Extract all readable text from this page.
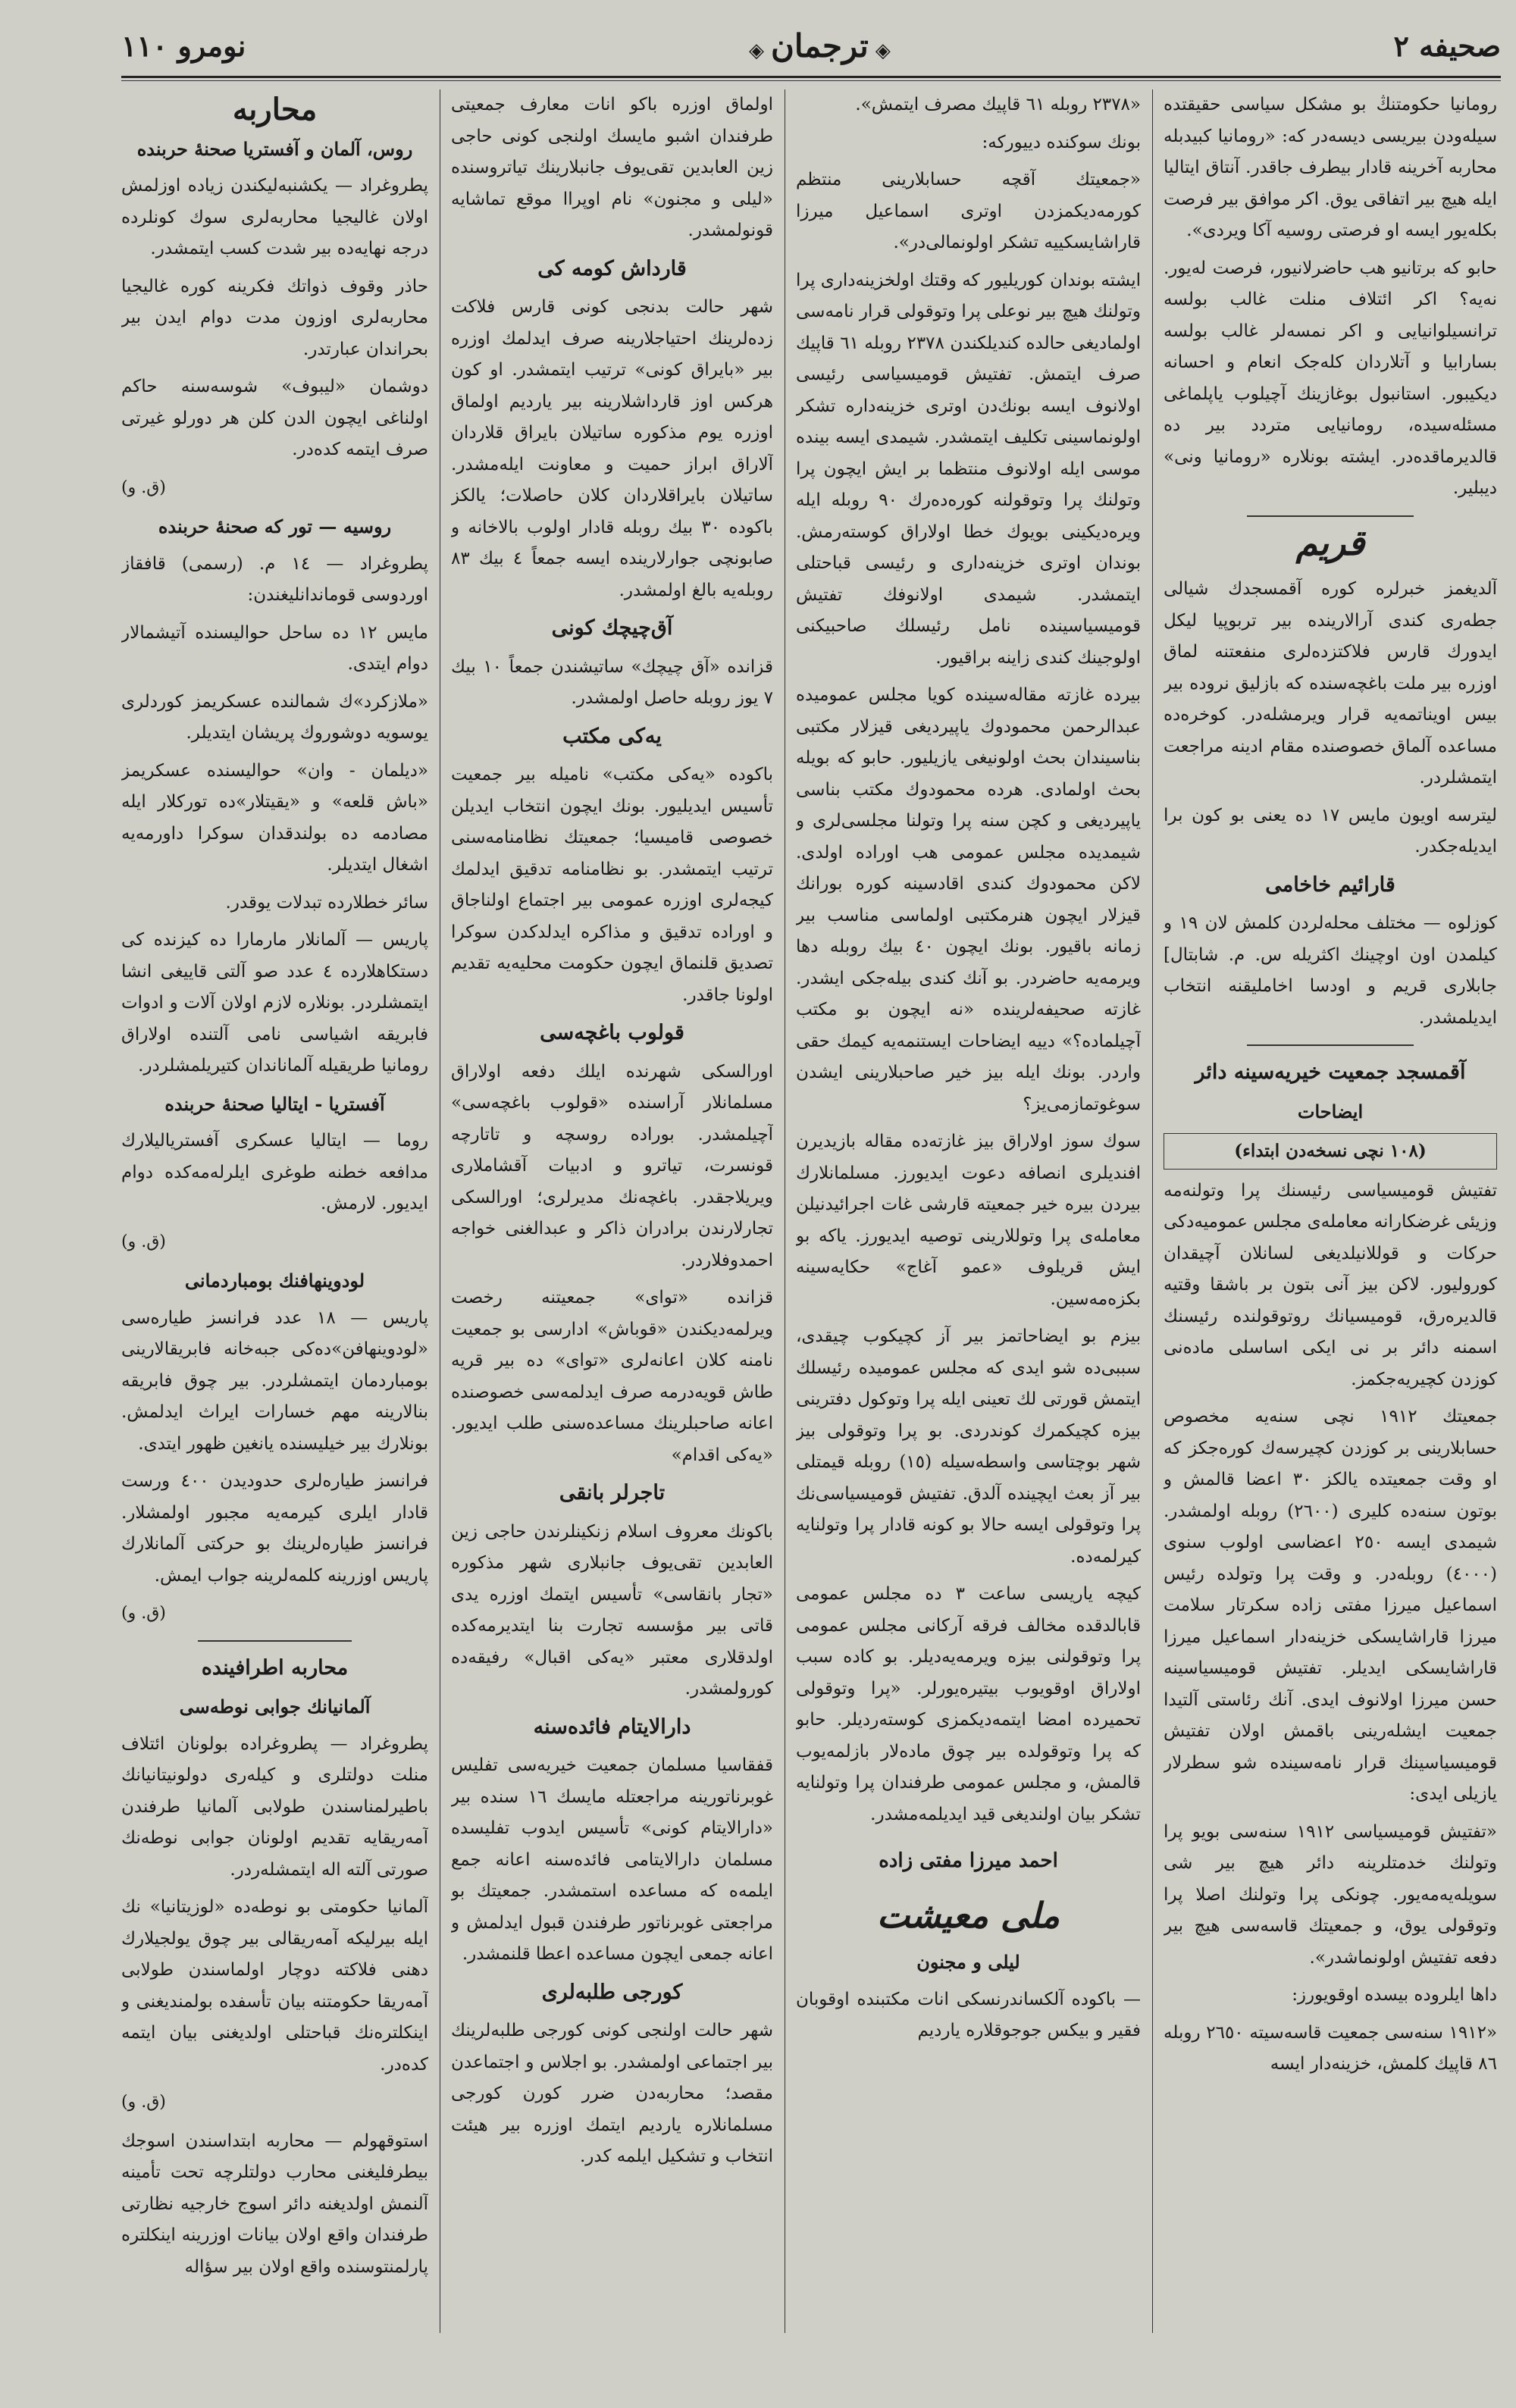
صحيفه ٢
◈ ترجمان ◈
نومرو ١١٠

رومانیا حکومتنڭ بو مشکل سیاسی حقیقتده سیله‌ودن بیریسی دیسه‌در که: «رومانیا کبیدبله محاربه آخرینه قادار بیطرف جاقدر. آنتاق ایتالیا ایله هیچ بیر اتفاقی یوق. اکر موافق بیر فرصت بکله‌یور ایسه او فرصتی روسیه آکا ویردی».

حابو که برتانیو هب حاضرلانیور، فرصت له‌یور. نه‌یه؟ اکر ائتلاف منلت غالب بولسه ترانسیلوانیایی و اکر نمسه‌لر غالب بولسه بسارابیا و آتلاردان کله‌جک انعام و احسانه دیکیبور. استانبول بوغازینك آچیلوب یاپلماغی مسئله‌سیده، رومانیایی متردد بیر ده قالدیرماقده‌در. ایشته بونلاره «رومانیا ونی» دیبلیر.

قریم

آلدیغمز خبرلره کوره آقمسجدك شیالی جطه‌ری کندی آرالارینده بیر تربوپیا لیکل ایدورك قارس فلاکتزده‌لری منفعتنه لماق اوزره بیر ملت باغچه‌سنده که بازلیق نروده بیر بیس اویناتمه‌یه قرار ویرمشله‌در. ‏کوخره‌ده مساعده آلماق خصوصنده مقام ادینه مراجعت ایتمشلردر.

لیترسه اویون مایس ١٧ ده یعنی بو کون برا ایدیله‌جکدر.

قارائیم خاخامی

کوزلوه — مختلف محله‌لردن کلمش لان ١٩ و کیلمدن اون اوچینك اکثریله س. م. شابتال] جابلاری قریم و اودسا اخاملیقنه انتخاب ایدیلمشدر.

آقمسجد جمعیت خیریه‌سینه دائر
ایضاحات
(١٠٨ نچی نسخه‌دن ابتداء)

تفتیش قومیسیاسی رئیسنك پرا وتولنه‌مه وزیئی غرضکارانه معامله‌ی مجلس عمومیه‌دکی حرکات و قوللانیلدیغی لسانلان آچیقدان کورولیور. لاکن بیز آنی بتون بر باشقا وقتیه قالدیره‌رق، قومیسیانك روتوقولنده رئیسنك اسمنه دائر بر نی ایکی اساسلی ماده‌نی کوزدن کچیریه‌جکمز.

جمعیتك ١٩١٢ نچی سنه‌یه مخصوص حسابلارینی بر کوزدن کچیرسه‌ك کوره‌جکز که او وقت جمعیتده یالکز ٣٠ اعضا قالمش و بوتون سنه‌ده کلیری (٢٦٠٠) روبله اولمشدر. شیمدی ایسه ٢٥٠ اعضاسی اولوب سنوی (٤٠٠٠) روبله‌در. و وقت پرا وتولده رئیس اسماعیل میرزا مفتی زاده سکرتار سلامت میرزا قاراشایسکی خزینه‌دار اسماعیل میرزا قاراشایسکی ایدیلر. تفتیش قومیسیاسینه حسن میرزا اولانوف ایدی. آنك رئاستی آلتیدا جمعیت ایشله‌رینی باقمش اولان تفتیش قومیسیاسینك قرار نامه‌سینده شو سطرلار یازیلی ایدی:

«تفتیش قومیسیاسی ١٩١٢ سنه‌سی بویو پرا وتولنك خدمتلرینه دائر هیچ بیر شی سویله‌یه‌مه‌یور. چونکی پرا وتولنك اصلا پرا وتوقولی یوق، و جمعیتك قاسه‌سی هیچ بیر دفعه تفتیش اولونماشدر».

داها ایلروده بیسده اوقویورز:

«١٩١٢ سنه‌سی جمعیت قاسه‌سیته ٢٦٥٠ روبله ٨٦ قاپیك کلمش، خزینه‌دار ایسه

«٢٣٧٨ روبله ٦١ قاپیك مصرف ایتمش».

بونك سوکنده دییورکه:

«جمعیتك آقچه حسابلارینی منتظم کورمه‌دیکمزدن اوتری اسماعیل میرزا قاراشایسکییه تشکر اولونمالی‌در».

ایشته بوندان کوریلیور که وقتك اولخزینه‌داری پرا وتولنك هیچ بیر نوعلی پرا وتوقولی قرار نامه‌سی اولمادیغی حالده کندیلکندن ٢٣٧٨ روبله ٦١ قاپیك صرف ایتمش. تفتیش قومیسیاسی رئیسی اولانوف ایسه بونك‌دن اوتری خزینه‌داره تشکر اولونماسینی تکلیف ایتمشدر. شیمدی ایسه بینده موسی ایله اولانوف منتظما بر ایش ایچون پرا وتولنك پرا وتوقولنه کوره‌ده‌رك ٩٠ روبله ایله ویره‌دیکینی بویوك خطا اولاراق کوسته‌رمش. بوندان اوتری خزینه‌داری و رئیسی قباحتلی ایتمشدر. شیمدی اولانوفك تفتیش قومیسیاسینده نامل رئیسلك صاحبیکنی اولوجینك کندی زاینه براقیور.

بیرده غازته مقاله‌سینده کویا مجلس عمومیده عبدالرحمن محمودوك یاپیردیغی قیزلار مکتبی بناسیندان بحث اولونیغی یازیلیور. حابو که بویله بحث اولمادی. هرده محمودوك مکتب بناسی یاپیردیغی و کچن سنه پرا وتولنا مجلسی‌لری و شیمدیده مجلس عمومی هب اوراده اولدی. لاکن محمودوك کندی اقادسینه کوره بورانك قیزلار ایچون هنرمکتبی اولماسی مناسب بیر زمانه باقیور. بونك ایچون ٤٠ بیك روبله دها ویرمه‌یه حاضردر. بو آنك کندی بیله‌جکی ایشدر. غازته صحیفه‌لرینده «نه ایچون بو مکتب آچیلماده؟» دییه ایضاحات ایستنمه‌یه کیمك حقی واردر. بونك ایله بیز خیر صاحبلارینی ایشدن سوغوتمازمی‌یز؟

سوك سوز اولاراق بیز غازته‌ده مقاله بازیدیرن افندیلری انصافه دعوت ایدیورز. مسلمانلارك بیردن بیره خیر جمعیته قارشی غات اجرائیدنیلن معامله‌ی پرا وتوللارینی توصیه ایدیورز. یاکه بو ایش قریلوف «عمو آغاج» حکایه‌سینه بکزه‌مه‌سین.

بیزم بو ایضاحاتمز بیر آز کچیکوب چیقدی، سببی‌ده شو ایدی که مجلس عمومیده رئیسلك ایتمش قورتی لك تعینی ایله پرا وتوکول دفترینی بیزه کچیکمرك کوندردی. بو پرا وتوقولی بیز شهر بوچتاسی واسطه‌سیله (١٥) روبله قیمتلی بیر آز بعث ایچینده آلدق. تفتیش قومیسیاسی‌نك پرا وتوقولی ایسه حالا بو کونه قادار پرا وتولنا‌یه کیرلمه‌ده.

کیچه یاریسی ساعت ٣ ده مجلس عمومی قابالدقده مخالف فرقه آرکانی مجلس عمومی پرا وتوقولنی بیزه ویرمه‌یه‌دیلر. بو کاده سبب اولاراق اوقویوب بیتیر‌ه‌یورلر. «پرا وتوقولی تحمیرده امضا ایتمه‌دیکمزی کوسته‌ردیلر. حابو که پرا وتوقولده بیر چوق ماده‌لار بازلمه‌یوب قالمش، و مجلس عمومی طرفندان پرا وتولنایه تشکر بیان اولندیغی قید ایدیلمه‌مشدر.

احمد میرزا مفتی زاده
ملی معیشت
لیلی و مجنون

— باکوده آلکساندرنسکی انات مکتبنده اوقوبان فقیر و بیکس جوجوقلاره یاردیم

اولماق اوزره باکو انات معارف جمعیتی طرفندان اشبو مایسك اولنجی کونی حاجی زین العابدین تقی‌یوف جانبلارینك تیاتروسنده «لیلی و مجنون» نام اوپرا‌ا موقع تماشایه قونولمشدر.

قارداش کومه کی

شهر حالت بدنجی کونی قارس فلاکت زده‌لرینك احتیاجلارینه صرف ایدلمك اوزره بیر «بایراق کونی» ترتیب ایتمشدر. او کون هرکس اوز قارداشلارینه بیر یاردیم اولماق اوزره یوم مذکوره ساتیلان بایراق قلاردان آلاراق ابراز حمیت و معاونت ایله‌مشدر. ساتیلان بایراقلاردان کلان حاصلات؛ یالکز باکوده ٣٠ بیك روبله قادار اولوب بالاخانه و صابونچی جوارلارینده ایسه جمعاً ٤ بیك ٨٣ روبله‌یه بالغ اولمشدر.

آق‌چیچك کونی

قزانده «آق چیچك» ساتیشندن جمعاً ١٠ بیك ٧ یوز روبله حاصل اولمشدر.

یه‌کی مکتب

باکوده «یه‌کی مکتب» نامیله بیر جمعیت تأسیس ایدیلیور. بونك ایچون انتخاب ایدیلن خصوصی قامیسیا؛ جمعیتك نظامنامه‌سنی ترتیب ایتمشدر. بو نظامنامه تدقیق ایدلمك کیجه‌لری اوزره عمومی بیر اجتماع اولناجاق و اوراده تدقیق و مذاکره ایدلدکدن سوکرا تصدیق قلنماق ایچون حکومت محلیه‌یه تقدیم اولونا جاقدر.

قولوب باغچه‌سی

اورالسکی شهرنده ایلك دفعه اولاراق مسلمانلار آراسنده «قولوب باغچه‌سی» آچیلمشدر. بوراده روسچه و تاتارچه قونسرت، تیاترو و ادبیات آقشاملاری ویریلاجقدر. باغچه‌نك مدیرلری؛ اورالسکی تجارلارندن برادران ذاکر و عبدالغنی خواجه احمدوفلاردر.

قزانده «توای» جمعیتنه رخصت ویرلمه‌دیکندن «قوباش» ادارسی بو جمعیت نامنه کلان اعانه‌لری «توای» ده بیر قریه طاش قویه‌درمه صرف ایدلمه‌سی خصوصنده اعانه صاحبلرینك مساعده‌سنی طلب ایدیور. «یه‌کی اقدام»

تاجرلر بانقی

باکونك معروف اسلام زنکینلرندن حاجی زین العابدین تقی‌یوف جانبلاری شهر مذکوره «تجار بانقاسی» تأسیس ایتمك اوزره یدی قاتی بیر مؤسسه تجارت بنا ایتدیرمه‌کده اولدقلاری معتبر «یه‌کی اقبال» رفیقه‌ده کورولمشدر.

دارالایتام فائده‌سنه

قفقاسیا مسلمان جمعیت خیریه‌سی تفلیس غوبرناتورینه مراجعتله مایسك ١٦ سنده بیر «دارالایتام کونی» تأسیس ایدوب تفلیسده مسلمان دارالایتامی فائده‌سنه اعانه جمع ایلمه‌ه که مساعده استمشدر. جمعیتك بو مراجعتی غوبرناتور طرفندن قبول ایدلمش و اعانه جمعی ایچون مساعده اعطا قلنمشدر.

کورجی طلبه‌لری

شهر حالت اولنجی کونی کورجی طلبه‌لرینك بیر اجتماعی اولمشدر. بو اجلاس و اجتماعدن مقصد؛ محاربه‌دن ضرر کورن کورجی مسلمانلاره یاردیم ایتمك اوزره بیر هیئت انتخاب و تشکیل ایلمه کدر.

محاربه
روس، آلمان و آفستریا صحنۀ حربنده

پطروغراد — یکشنبه‌لیکندن زیاده اوزلمش اولان غالیجیا محاربه‌لری سوك کونلرده درجه نهایه‌ده بیر شدت کسب ایتمشدر.

حاذر وقوف ذواتك فکرینه کوره غالیجیا محاربه‌لری اوزون مدت دوام ایدن بیر بحراندان عبارتدر.

دوشمان «لیبوف» شوسه‌سنه حاکم اولناغی ایچون الدن کلن هر دورلو غیرتی صرف ایتمه کده‌در.

(ق. و)
روسیه — تور که صحنۀ حربنده

پطروغراد — ١٤ م. (رسمی) قافقاز اوردوسی قوماندانلیغندن:

مایس ١٢ ده ساحل حوالیسنده آتیشمالار دوام ایتدی.

«ملازکرد»ك شمالنده عسکریمز کوردلری یوسو‌یه دوشوروك پریشان ایتدیلر.

«دیلمان - وان» حوالیسنده عسکریمز «باش قلعه» و «یقیتلار»ده تورکلار ایله مصادمه ده بولندقدان سوکرا داورمه‌یه اشغال ایتدیلر.

سائر خطلارده تبدلات یوقدر.

پاریس — آلمانلار مارمارا ده کیزنده کی دستکاهلارده ٤ عدد صو آلتی قاییغی انشا ایتمشلردر. بونلاره لازم اولان آلات و ادوات فابریقه اشیاسی نامی آلتنده اولاراق رومانیا طریقیله آلماناندان کتیریلمشلردر.

آفستریا - ایتالیا صحنۀ حربنده

روما — ایتالیا عسکری آفستریالیلارك مدافعه خطنه طوغری ایلرله‌مه‌کده دوام ایدیور. لارمش.

(ق. و)
لودوینهافنك بومباردمانی

پاریس — ١٨ عدد فرانسز طیاره‌سی «لودوینهافن»ده‌کی جبه‌خانه فابریقالارینی بومباردمان ایتمشلردر. بیر چوق فابریقه بنالارینه مهم خسارات ایراث ایدلمش. بونلارك بیر خیلیسنده یانغین ظهور ایتدی.

فرانسز طیاره‌لری حدودیدن ٤٠٠ ورست قادار ایلری کیرمه‌یه مجبور اولمشلار. فرانسز طیاره‌لرینك بو حرکتی آلمانلارك پاریس اوزرینه کلمه‌لرینه جواب ایمش.

(ق. و)
محاربه اطرافینده
آلمانیانك جوابی نوطه‌سی

پطروغراد — پطروغراده بولونان ائتلاف منلت دولتلری و کیله‌ری دولونیتانیانك باطیرلمناسندن طولابی آلمانیا طرفندن آمه‌ریقایه تقدیم اولونان جوابی نوطه‌نك صورتی آلته اله ایتمشله‌ردر.

آلمانیا حکومتی بو نوطه‌ده «لوزیتانیا» نك ایله بیرلیکه آمه‌ریقالی بیر چوق یولجیلارك دهنی فلاکته دوچار اولماسندن طولابی آمه‌ریقا حکومتنه بیان تأسفده بولمندیغنی و اینکلتره‌نك قباحتلی اولدیغنی بیان ایتمه کده‌در.

(ق. و)

استوقهولم — محاربه ابتداسندن اسوجك بیطرفلیغنی محارب دولتلرچه تحت تأمینه آلنمش اولدیغنه دائر اسوج خارجیه نظارتی طرفندان واقع اولان بیانات اوزرینه اینکلتره پارلمنتوسنده واقع اولان بیر سؤاله
